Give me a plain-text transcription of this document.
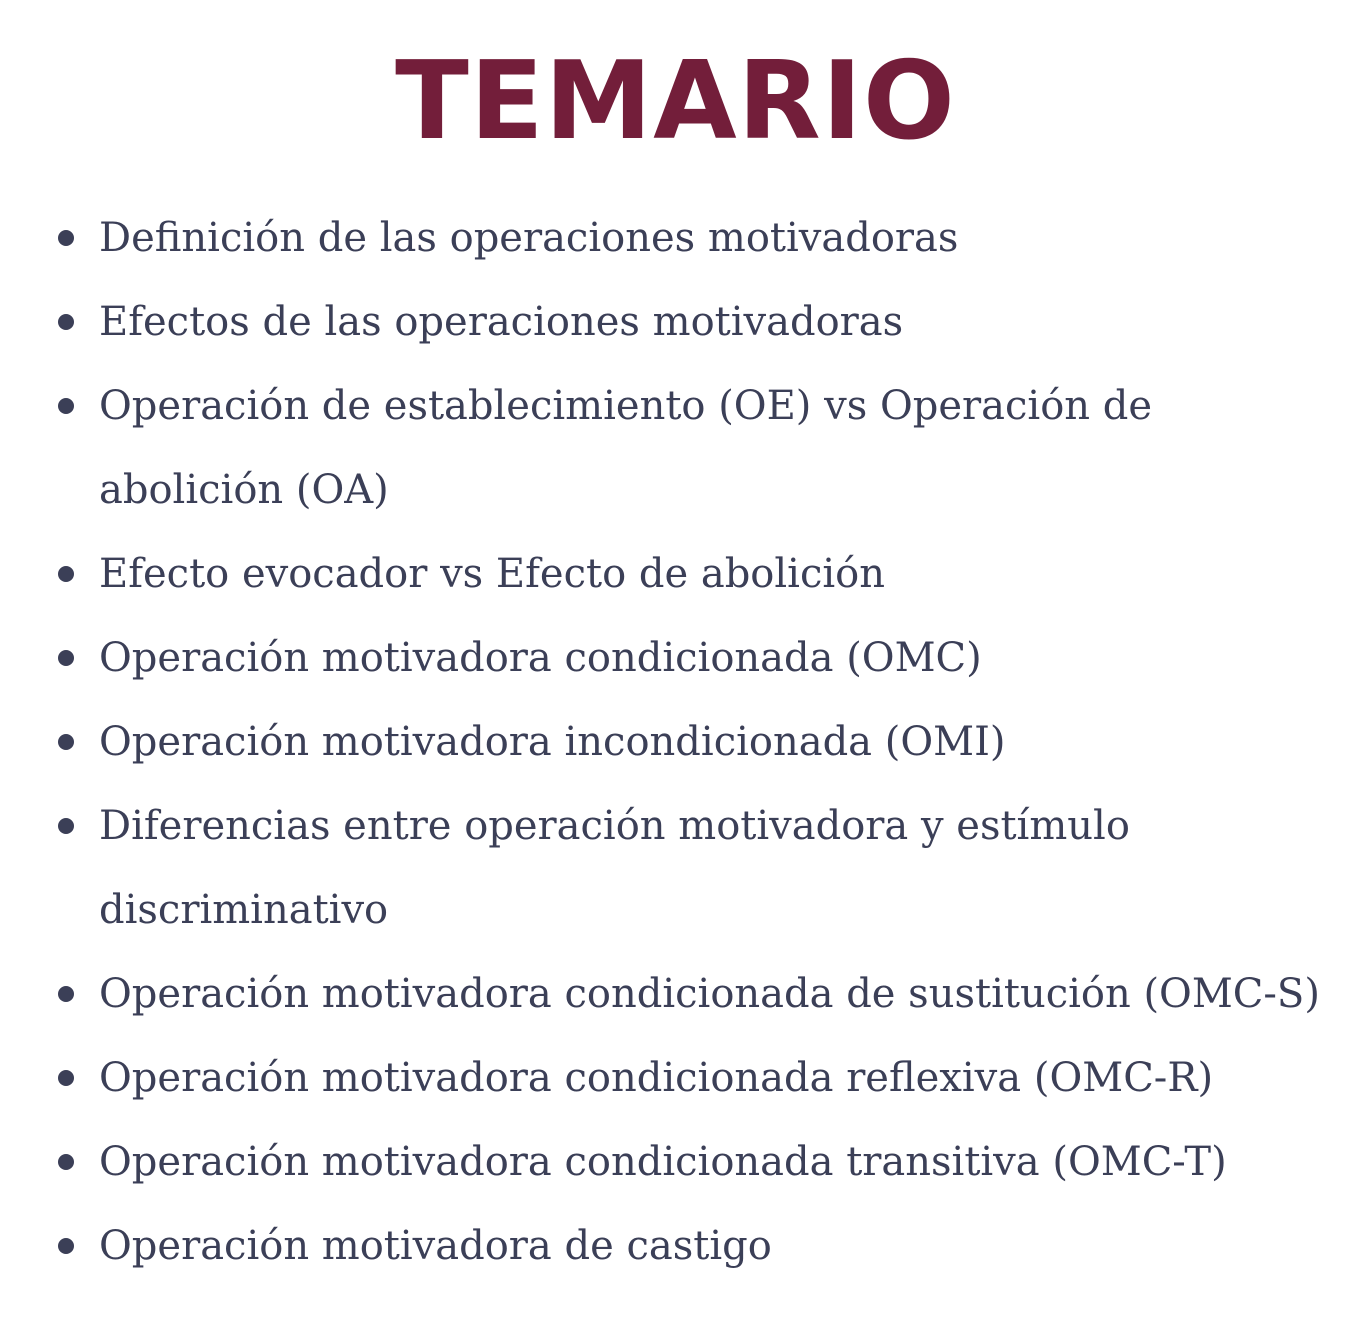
TEMARIO
Definición de las operaciones motivadoras
Efectos de las operaciones motivadoras
Operación de establecimiento (OE) vs Operación de abolición (OA)
Efecto evocador vs Efecto de abolición
Operación motivadora condicionada (OMC)
Operación motivadora incondicionada (OMI)
Diferencias entre operación motivadora y estímulo discriminativo
Operación motivadora condicionada de sustitución (OMC-S)
Operación motivadora condicionada reflexiva (OMC-R)
Operación motivadora condicionada transitiva (OMC-T)
Operación motivadora de castigo
